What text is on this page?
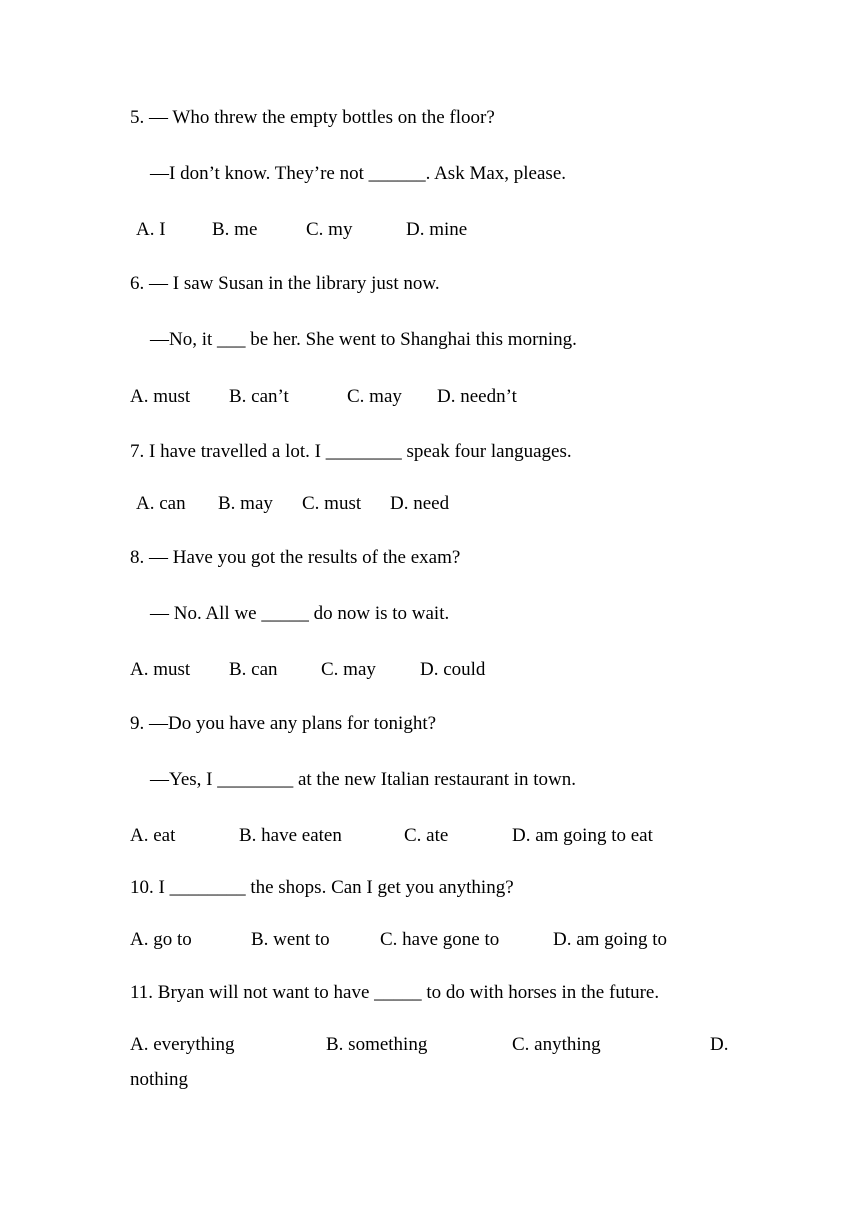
5. — Who threw the empty bottles on the floor?
—I don’t know. They’re not ______. Ask Max, please.
A. I B. me	C. my	D. mine
6. — I saw Susan in the library just now.
—No, it ___ be her. She went to Shanghai this morning.
A. must B. can’t	C. may D. needn’t
7. I have travelled a lot. I ________ speak four languages.
A. can B. may C. must D. need
8. — Have you got the results of the exam?
— No. All we _____ do now is to wait.
A. must B. can C. may D. could
9. —Do you have any plans for tonight?
—Yes, I ________ at the new Italian restaurant in town.
A. eat	B. have eaten	C. ate	D. am going to eat
10. I ________ the shops. Can I get you anything?
A. go to	B. went to	C. have gone to	D. am going to
11. Bryan will not want to have _____ to do with horses in the future.
A. everything	B. something	C. anything	D.
nothing
